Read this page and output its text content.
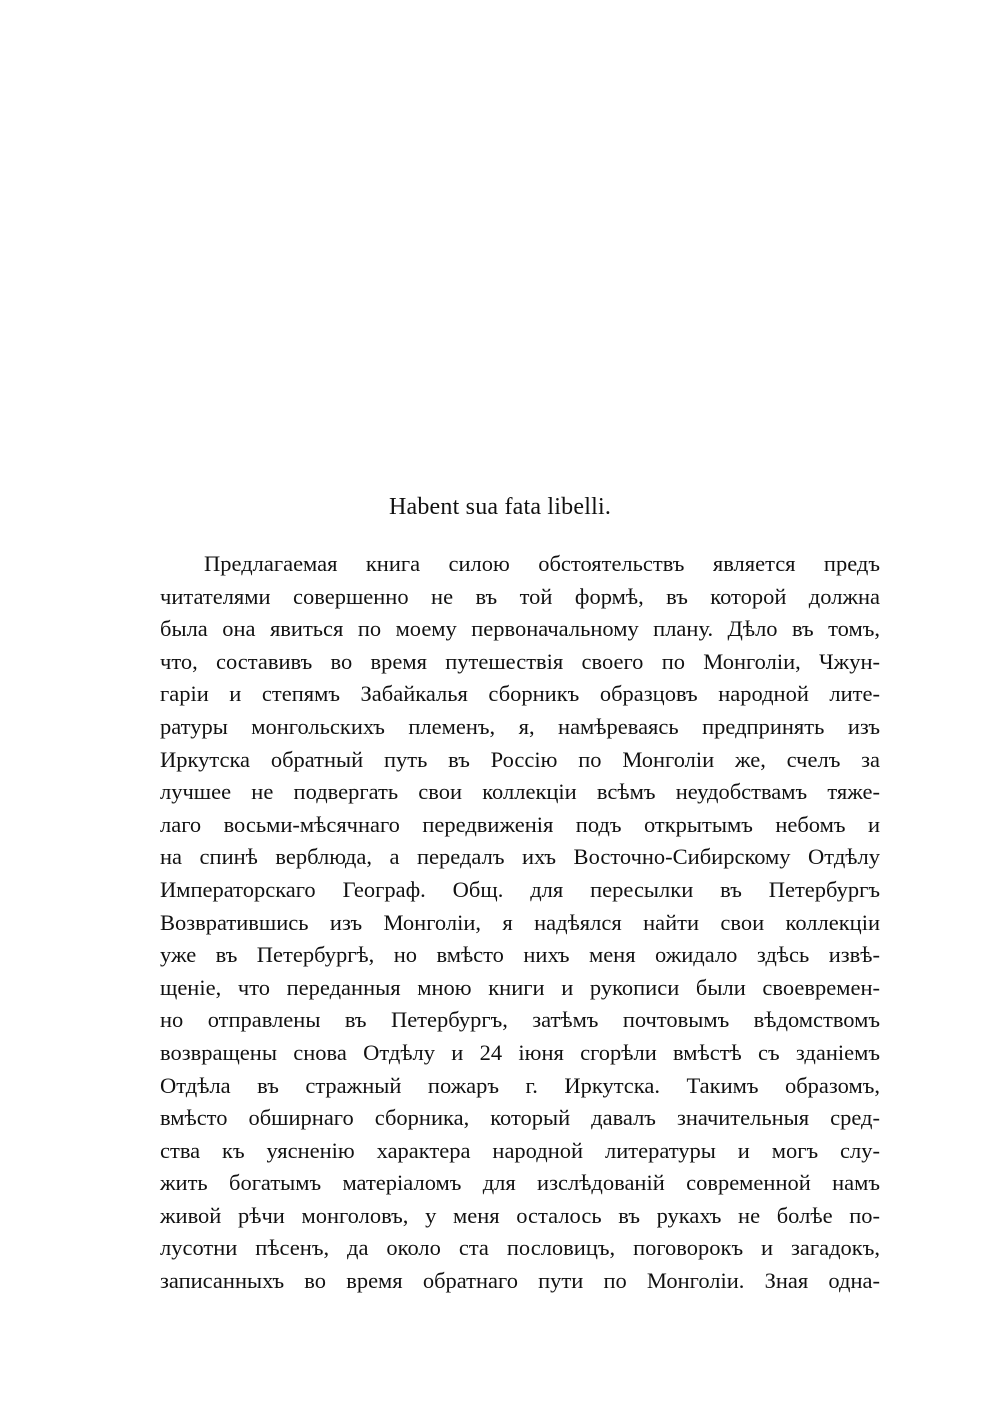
Habent sua fata libelli.

Предлагаемая книга силою обстоятельствъ является предъ
читателями совершенно не въ той формѣ, въ которой должна
была она явиться по моему первоначальному плану. Дѣло въ томъ,
что, составивъ во время путешествія своего по Монголіи, Чжун-
гаріи и степямъ Забайкалья сборникъ образцовъ народной лите-
ратуры монгольскихъ племенъ, я, намѣреваясь предпринять изъ
Иркутска обратный путь въ Россію по Монголіи же, счелъ за
лучшее не подвергать свои коллекціи всѣмъ неудобствамъ тяже-
лаго восьми-мѣсячнаго передвиженія подъ открытымъ небомъ и
на спинѣ верблюда, а передалъ ихъ Восточно-Сибирскому Отдѣлу
Императорскаго Географ. Общ. для пересылки въ Петербургъ
Возвратившись изъ Монголіи, я надѣялся найти свои коллекціи
уже въ Петербургѣ, но вмѣсто нихъ меня ожидало здѣсь извѣ-
щеніе, что переданныя мною книги и рукописи были своевремен-
но отправлены въ Петербургъ, затѣмъ почтовымъ вѣдомствомъ
возвращены снова Отдѣлу и 24 іюня сгорѣли вмѣстѣ съ зданіемъ
Отдѣла въ стражный пожаръ г. Иркутска. Такимъ образомъ,
вмѣсто обширнаго сборника, который давалъ значительныя сред-
ства къ уясненію характера народной литературы и могъ слу-
жить богатымъ матеріаломъ для изслѣдованій современной намъ
живой рѣчи монголовъ, у меня осталось въ рукахъ не болѣе по-
лусотни пѣсенъ, да около ста пословицъ, поговорокъ и загадокъ,
записанныхъ во время обратнаго пути по Монголіи. Зная одна-
